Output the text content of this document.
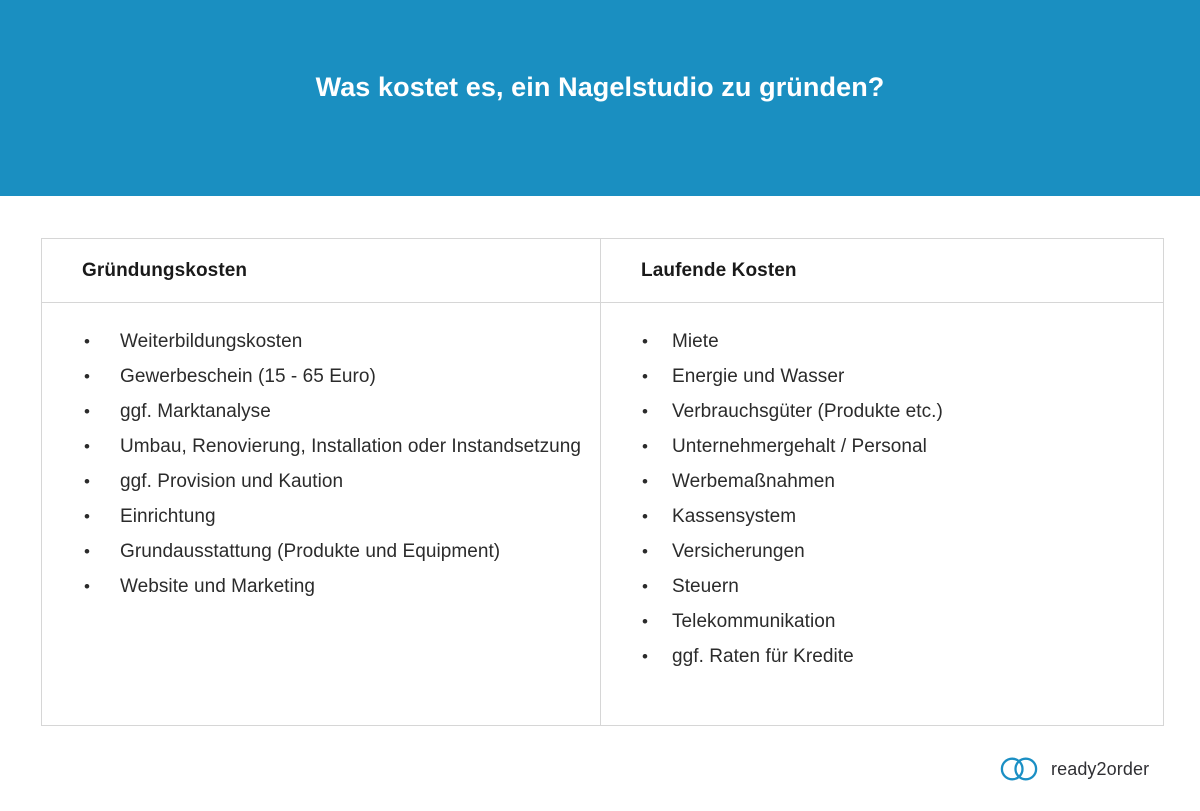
Was kostet es, ein Nagelstudio zu gründen?
Gründungskosten	Laufende Kosten
• Weiterbildungskosten
• Gewerbeschein (15 - 65 Euro)
• ggf. Marktanalyse
• Umbau, Renovierung, Installation oder Instandsetzung
• ggf. Provision und Kaution
• Einrichtung
• Grundausstattung (Produkte und Equipment)
• Website und Marketing
• Miete
• Energie und Wasser
• Verbrauchsgüter (Produkte etc.)
• Unternehmergehalt / Personal
• Werbemaßnahmen
• Kassensystem
• Versicherungen
• Steuern
• Telekommunikation
• ggf. Raten für Kredite
ready2order
